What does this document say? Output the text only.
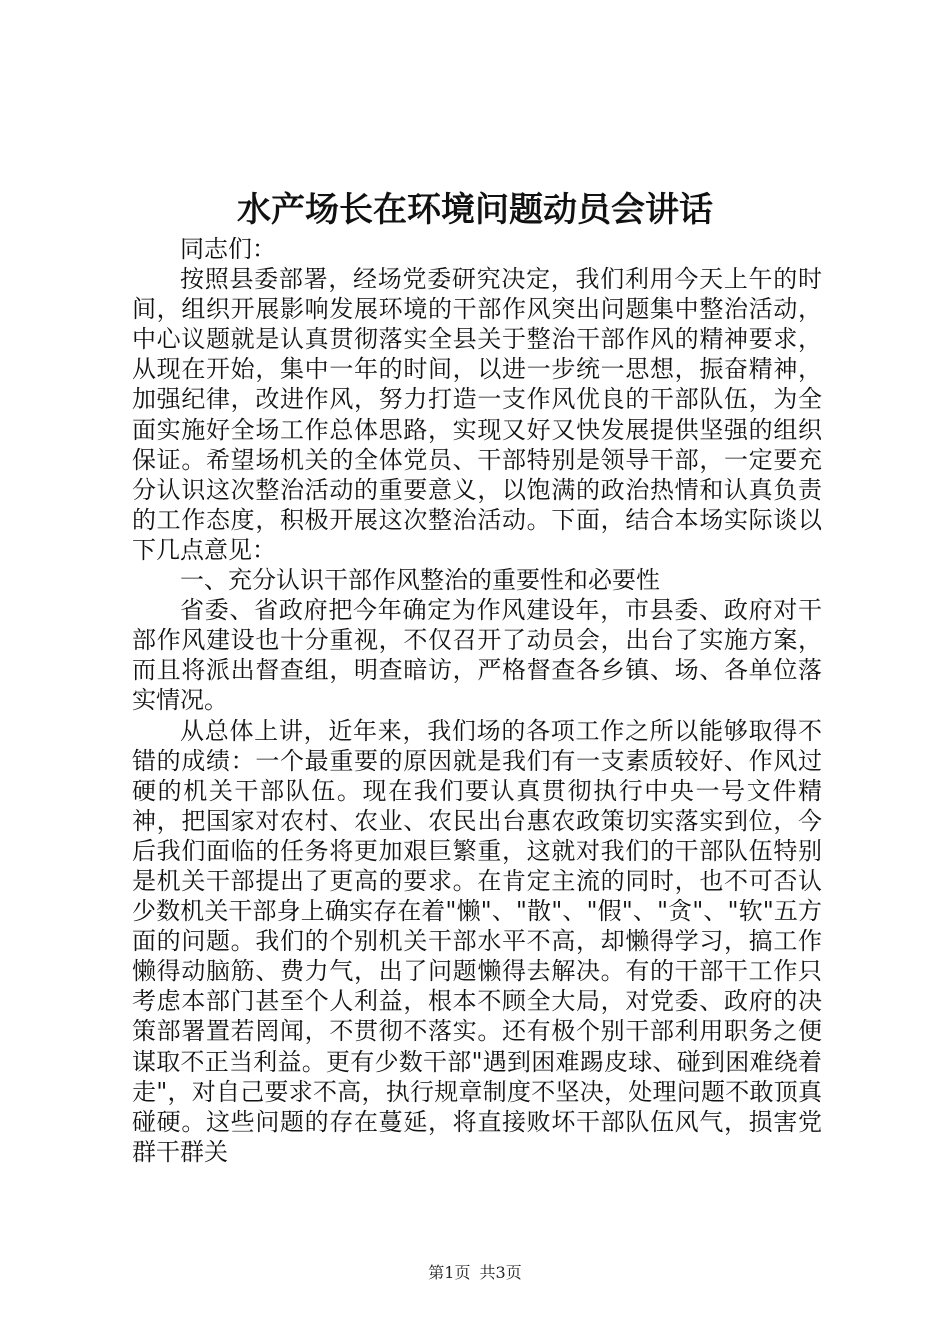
水产场长在环境问题动员会讲话

同志们：

按照县委部署，经场党委研究决定，我们利用今天上午的时间，组织开展影响发展环境的干部作风突出问题集中整治活动，中心议题就是认真贯彻落实全县关于整治干部作风的精神要求，从现在开始，集中一年的时间，以进一步统一思想，振奋精神，加强纪律，改进作风，努力打造一支作风优良的干部队伍，为全面实施好全场工作总体思路，实现又好又快发展提供坚强的组织保证。希望场机关的全体党员、干部特别是领导干部，一定要充分认识这次整治活动的重要意义，以饱满的政治热情和认真负责的工作态度，积极开展这次整治活动。下面，结合本场实际谈以下几点意见：

一、充分认识干部作风整治的重要性和必要性

省委、省政府把今年确定为作风建设年，市县委、政府对干部作风建设也十分重视，不仅召开了动员会，出台了实施方案，而且将派出督查组，明查暗访，严格督查各乡镇、场、各单位落实情况。

从总体上讲，近年来，我们场的各项工作之所以能够取得不错的成绩：一个最重要的原因就是我们有一支素质较好、作风过硬的机关干部队伍。现在我们要认真贯彻执行中央一号文件精神，把国家对农村、农业、农民出台惠农政策切实落实到位，今后我们面临的任务将更加艰巨繁重，这就对我们的干部队伍特别是机关干部提出了更高的要求。在肯定主流的同时，也不可否认少数机关干部身上确实存在着"懒"、"散"、"假"、"贪"、"软"五方面的问题。我们的个别机关干部水平不高，却懒得学习，搞工作懒得动脑筋、费力气，出了问题懒得去解决。有的干部干工作只考虑本部门甚至个人利益，根本不顾全大局，对党委、政府的决策部署置若罔闻，不贯彻不落实。还有极个别干部利用职务之便谋取不正当利益。更有少数干部"遇到困难踢皮球、碰到困难绕着走"，对自己要求不高，执行规章制度不坚决，处理问题不敢顶真碰硬。这些问题的存在蔓延，将直接败坏干部队伍风气，损害党群干群关

第1页 共3页
